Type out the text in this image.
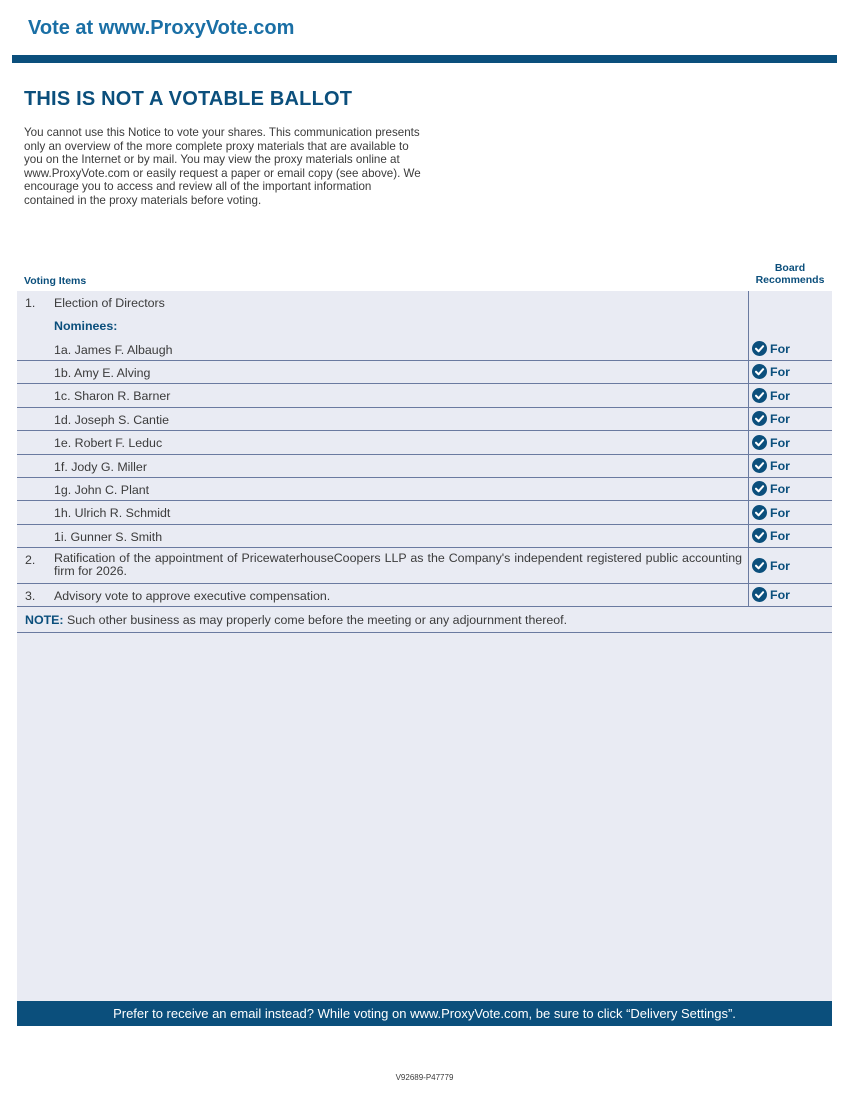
Vote at www.ProxyVote.com
THIS IS NOT A VOTABLE BALLOT

You cannot use this Notice to vote your shares. This communication presents only an overview of the more complete proxy materials that are available to you on the Internet or by mail. You may view the proxy materials online at www.ProxyVote.com or easily request a paper or email copy (see above). We encourage you to access and review all of the important information contained in the proxy materials before voting.

Voting Items
Board
Recommends
1. Election of Directors
Nominees:
1a. James F. Albaugh	For
1b. Amy E. Alving	For
1c. Sharon R. Barner	For
1d. Joseph S. Cantie	For
1e. Robert F. Leduc	For
1f. Jody G. Miller	For
1g. John C. Plant	For
1h. Ulrich R. Schmidt	For
1i. Gunner S. Smith	For
2. Ratification of the appointment of PricewaterhouseCoopers LLP as the Company's independent registered public accounting firm for 2026.	For
3. Advisory vote to approve executive compensation.	For
NOTE: Such other business as may properly come before the meeting or any adjournment thereof.
Prefer to receive an email instead? While voting on www.ProxyVote.com, be sure to click “Delivery Settings”.
V92689-P47779
